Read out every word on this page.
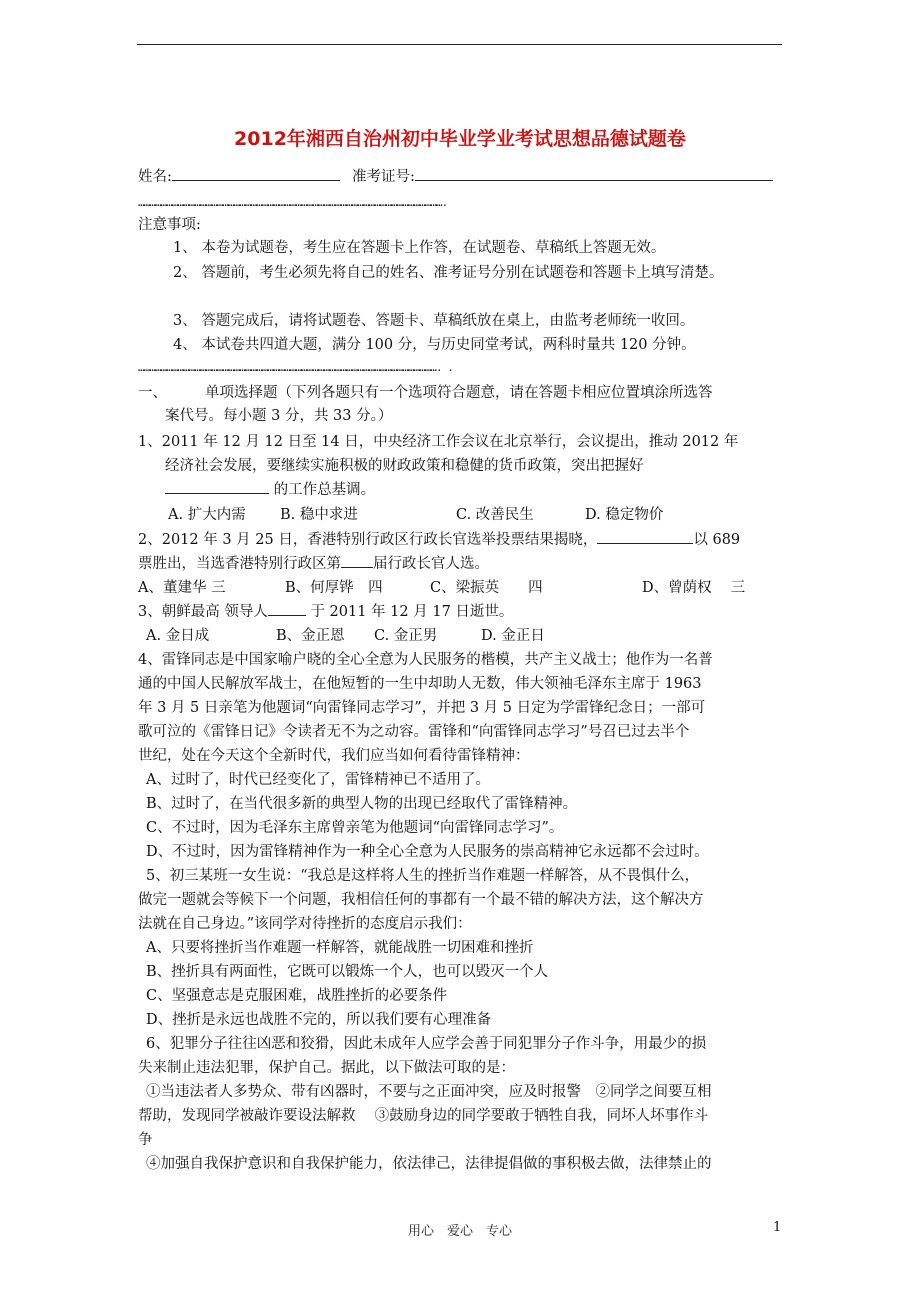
2012年湘西自治州初中毕业学业考试思想品德试题卷
姓名:	准考证号:
……………………………………………………………………………………………………………………………………………….
注意事项:
1、 本卷为试题卷，考生应在答题卡上作答，在试题卷、草稿纸上答题无效。
2、 答题前，考生必须先将自己的姓名、准考证号分别在试题卷和答题卡上填写清楚。
3、 答题完成后，请将试题卷、答题卡、草稿纸放在桌上，由监考老师统一收回。
4、 本试卷共四道大题，满分 100 分，与历史同堂考试，两科时量共 120 分钟。
……………………………………………………………………………………………………………………………………………. .
一、	单项选择题（下列各题只有一个选项符合题意，请在答题卡相应位置填涂所选答
案代号。每小题 3 分，共 33 分。）
1、2011 年 12 月 12 日至 14 日，中央经济工作会议在北京举行，会议提出，推动 2012 年
经济社会发展，要继续实施积极的财政政策和稳健的货币政策，突出把握好
的工作总基调。
A. 扩大内需 B. 稳中求进	C. 改善民生	D. 稳定物价
2、2012 年 3 月 25 日，香港特别行政区行政长官选举投票结果揭晓，	以 689
票胜出，当选香港特别行政区第 届行政长官人选。
A、董建华 三	B、何厚铧　四	C、梁振英　　四	D、曾荫权　 三
3、朝鲜最高 领导人	于 2011 年 12 月 17 日逝世。
A. 金日成	B、金正恩 C. 金正男	D. 金正日
4、雷锋同志是中国家喻户晓的全心全意为人民服务的楷模，共产主义战士；他作为一名普
通的中国人民解放军战士，在他短暂的一生中却助人无数，伟大领袖毛泽东主席于 1963
年 3 月 5 日亲笔为他题词“向雷锋同志学习”，并把 3 月 5 日定为学雷锋纪念日；一部可
歌可泣的《雷锋日记》令读者无不为之动容。雷锋和“向雷锋同志学习”号召已过去半个
世纪，处在今天这个全新时代，我们应当如何看待雷锋精神：
A、过时了，时代已经变化了，雷锋精神已不适用了。
B、过时了，在当代很多新的典型人物的出现已经取代了雷锋精神。
C、不过时，因为毛泽东主席曾亲笔为他题词“向雷锋同志学习”。
D、不过时，因为雷锋精神作为一种全心全意为人民服务的崇高精神它永远都不会过时。
5、初三某班一女生说：“我总是这样将人生的挫折当作难题一样解答，从不畏惧什么，
做完一题就会等候下一个问题，我相信任何的事都有一个最不错的解决方法，这个解决方
法就在自己身边。”该同学对待挫折的态度启示我们：
A、只要将挫折当作难题一样解答，就能战胜一切困难和挫折
B、挫折具有两面性，它既可以锻炼一个人，也可以毁灭一个人
C、坚强意志是克服困难，战胜挫折的必要条件
D、挫折是永远也战胜不完的，所以我们要有心理准备
6、犯罪分子往往凶恶和狡猾，因此未成年人应学会善于同犯罪分子作斗争，用最少的损
失来制止违法犯罪，保护自己。据此，以下做法可取的是：
①当违法者人多势众、带有凶器时，不要与之正面冲突，应及时报警　②同学之间要互相
帮助，发现同学被敲诈要设法解救　 ③鼓励身边的同学要敢于牺牲自我，同坏人坏事作斗
争
④加强自我保护意识和自我保护能力，依法律己，法律提倡做的事积极去做，法律禁止的
用心　爱心　专心	1
